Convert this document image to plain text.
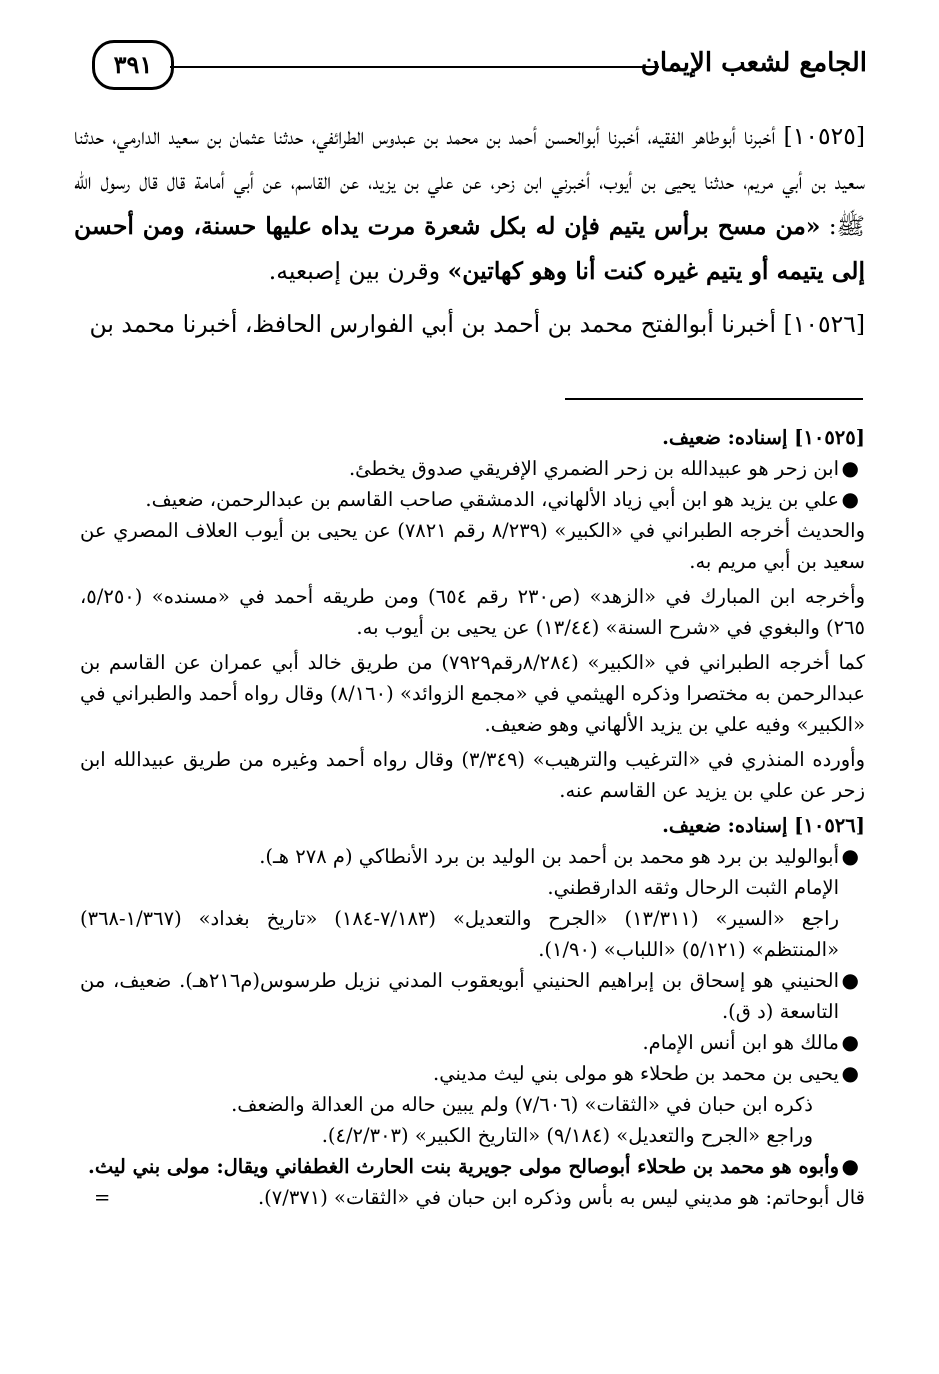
الجامع لشعب الإيمان
٣٩١

[١٠٥٢٥] أخبرنا أبوطاهر الفقيه، أخبرنا أبوالحسن أحمد بن محمد بن عبدوس الطرائفي، حدثنا عثمان بن سعيد الدارمي، حدثنا سعيد بن أبي مريم، حدثنا يحيى بن أيوب، أخبرني ابن زحر، عن علي بن يزيد، عن القاسم، عن أبي أمامة قال قال رسول الله ﷺ: «من مسح برأس يتيم فإن له بكل شعرة مرت يداه عليها حسنة، ومن أحسن إلى يتيمه أو يتيم غيره كنت أنا وهو كهاتين» وقرن بين إصبعيه.

[١٠٥٢٦] أخبرنا أبوالفتح محمد بن أحمد بن أبي الفوارس الحافظ، أخبرنا محمد بن

[١٠٥٢٥] إسناده: ضعيف.

●
ابن زحر هو عبيدالله بن زحر الضمري الإفريقي صدوق يخطئ.
●
علي بن يزيد هو ابن أبي زياد الألهاني، الدمشقي صاحب القاسم بن عبدالرحمن، ضعيف.

والحديث أخرجه الطبراني في «الكبير» (٨/٢٣٩ رقم ٧٨٢١) عن يحيى بن أيوب العلاف المصري عن سعيد بن أبي مريم به.

وأخرجه ابن المبارك في «الزهد» (ص٢٣٠ رقم ٦٥٤) ومن طريقه أحمد في «مسنده» (٥/٢٥٠، ٢٦٥) والبغوي في «شرح السنة» (١٣/٤٤) عن يحيى بن أيوب به.

كما أخرجه الطبراني في «الكبير» (٨/٢٨٤رقم٧٩٢٩) من طريق خالد أبي عمران عن القاسم بن عبدالرحمن به مختصرا وذكره الهيثمي في «مجمع الزوائد» (٨/١٦٠) وقال رواه أحمد والطبراني في «الكبير» وفيه علي بن يزيد الألهاني وهو ضعيف.

وأورده المنذري في «الترغيب والترهيب» (٣/٣٤٩) وقال رواه أحمد وغيره من طريق عبيدالله ابن زحر عن علي بن يزيد عن القاسم عنه.

[١٠٥٢٦] إسناده: ضعيف.

●
أبوالوليد بن برد هو محمد بن أحمد بن الوليد بن برد الأنطاكي (م ٢٧٨ هـ).
الإمام الثبت الرحال وثقه الدارقطني.
راجع «السير» (١٣/٣١١) «الجرح والتعديل» (٧/١٨٣-١٨٤) «تاريخ بغداد» (١/٣٦٧-٣٦٨) «المنتظم» (٥/١٢١) «اللباب» (١/٩٠).
●
الحنيني هو إسحاق بن إبراهيم الحنيني أبويعقوب المدني نزيل طرسوس(م٢١٦هـ). ضعيف، من التاسعة (د ق).
●
مالك هو ابن أنس الإمام.
●
يحيى بن محمد بن طحلاء هو مولى بني ليث مديني.
ذكره ابن حبان في «الثقات» (٧/٦٠٦) ولم يبين حاله من العدالة والضعف.
وراجع «الجرح والتعديل» (٩/١٨٤) «التاريخ الكبير» (٤/٢/٣٠٣).
●
وأبوه هو محمد بن طحلاء أبوصالح مولى جويرية بنت الحارث الغطفاني ويقال: مولى بني ليث.

قال أبوحاتم: هو مديني ليس به بأس وذكره ابن حبان في «الثقات» (٧/٣٧١).
=
